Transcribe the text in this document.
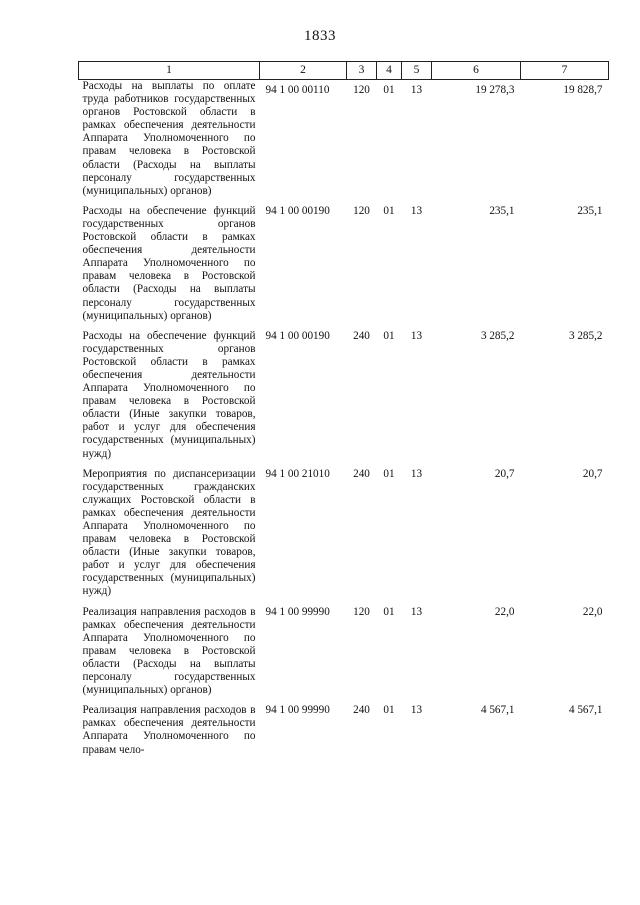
1833
1	2	3	4	5	6	7
Расходы на выплаты по оплате труда работников государственных органов Ростовской области в рамках обеспечения деятельности Аппарата Уполномоченного по правам человека в Ростовской области (Расходы на выплаты персоналу государственных (муниципальных) органов)	94 1 00 00110	120	01	13	19 278,3	19 828,7
Расходы на обеспечение функций государственных органов Ростовской области в рамках обеспечения деятельности Аппарата Уполномоченного по правам человека в Ростовской области (Расходы на выплаты персоналу государственных (муниципальных) органов)	94 1 00 00190	120	01	13	235,1	235,1
Расходы на обеспечение функций государственных органов Ростовской области в рамках обеспечения деятельности Аппарата Уполномоченного по правам человека в Ростовской области (Иные закупки товаров, работ и услуг для обеспечения государственных (муниципальных) нужд)	94 1 00 00190	240	01	13	3 285,2	3 285,2
Мероприятия по диспансеризации государственных гражданских служащих Ростовской области в рамках обеспечения деятельности Аппарата Уполномоченного по правам человека в Ростовской области (Иные закупки товаров, работ и услуг для обеспечения государственных (муниципальных) нужд)	94 1 00 21010	240	01	13	20,7	20,7
Реализация направления расходов в рамках обеспечения деятельности Аппарата Уполномоченного по правам человека в Ростовской области (Расходы на выплаты персоналу государственных (муниципальных) органов)	94 1 00 99990	120	01	13	22,0	22,0
Реализация направления расходов в рамках обеспечения деятельности Аппарата Уполномоченного по правам чело-	94 1 00 99990	240	01	13	4 567,1	4 567,1
